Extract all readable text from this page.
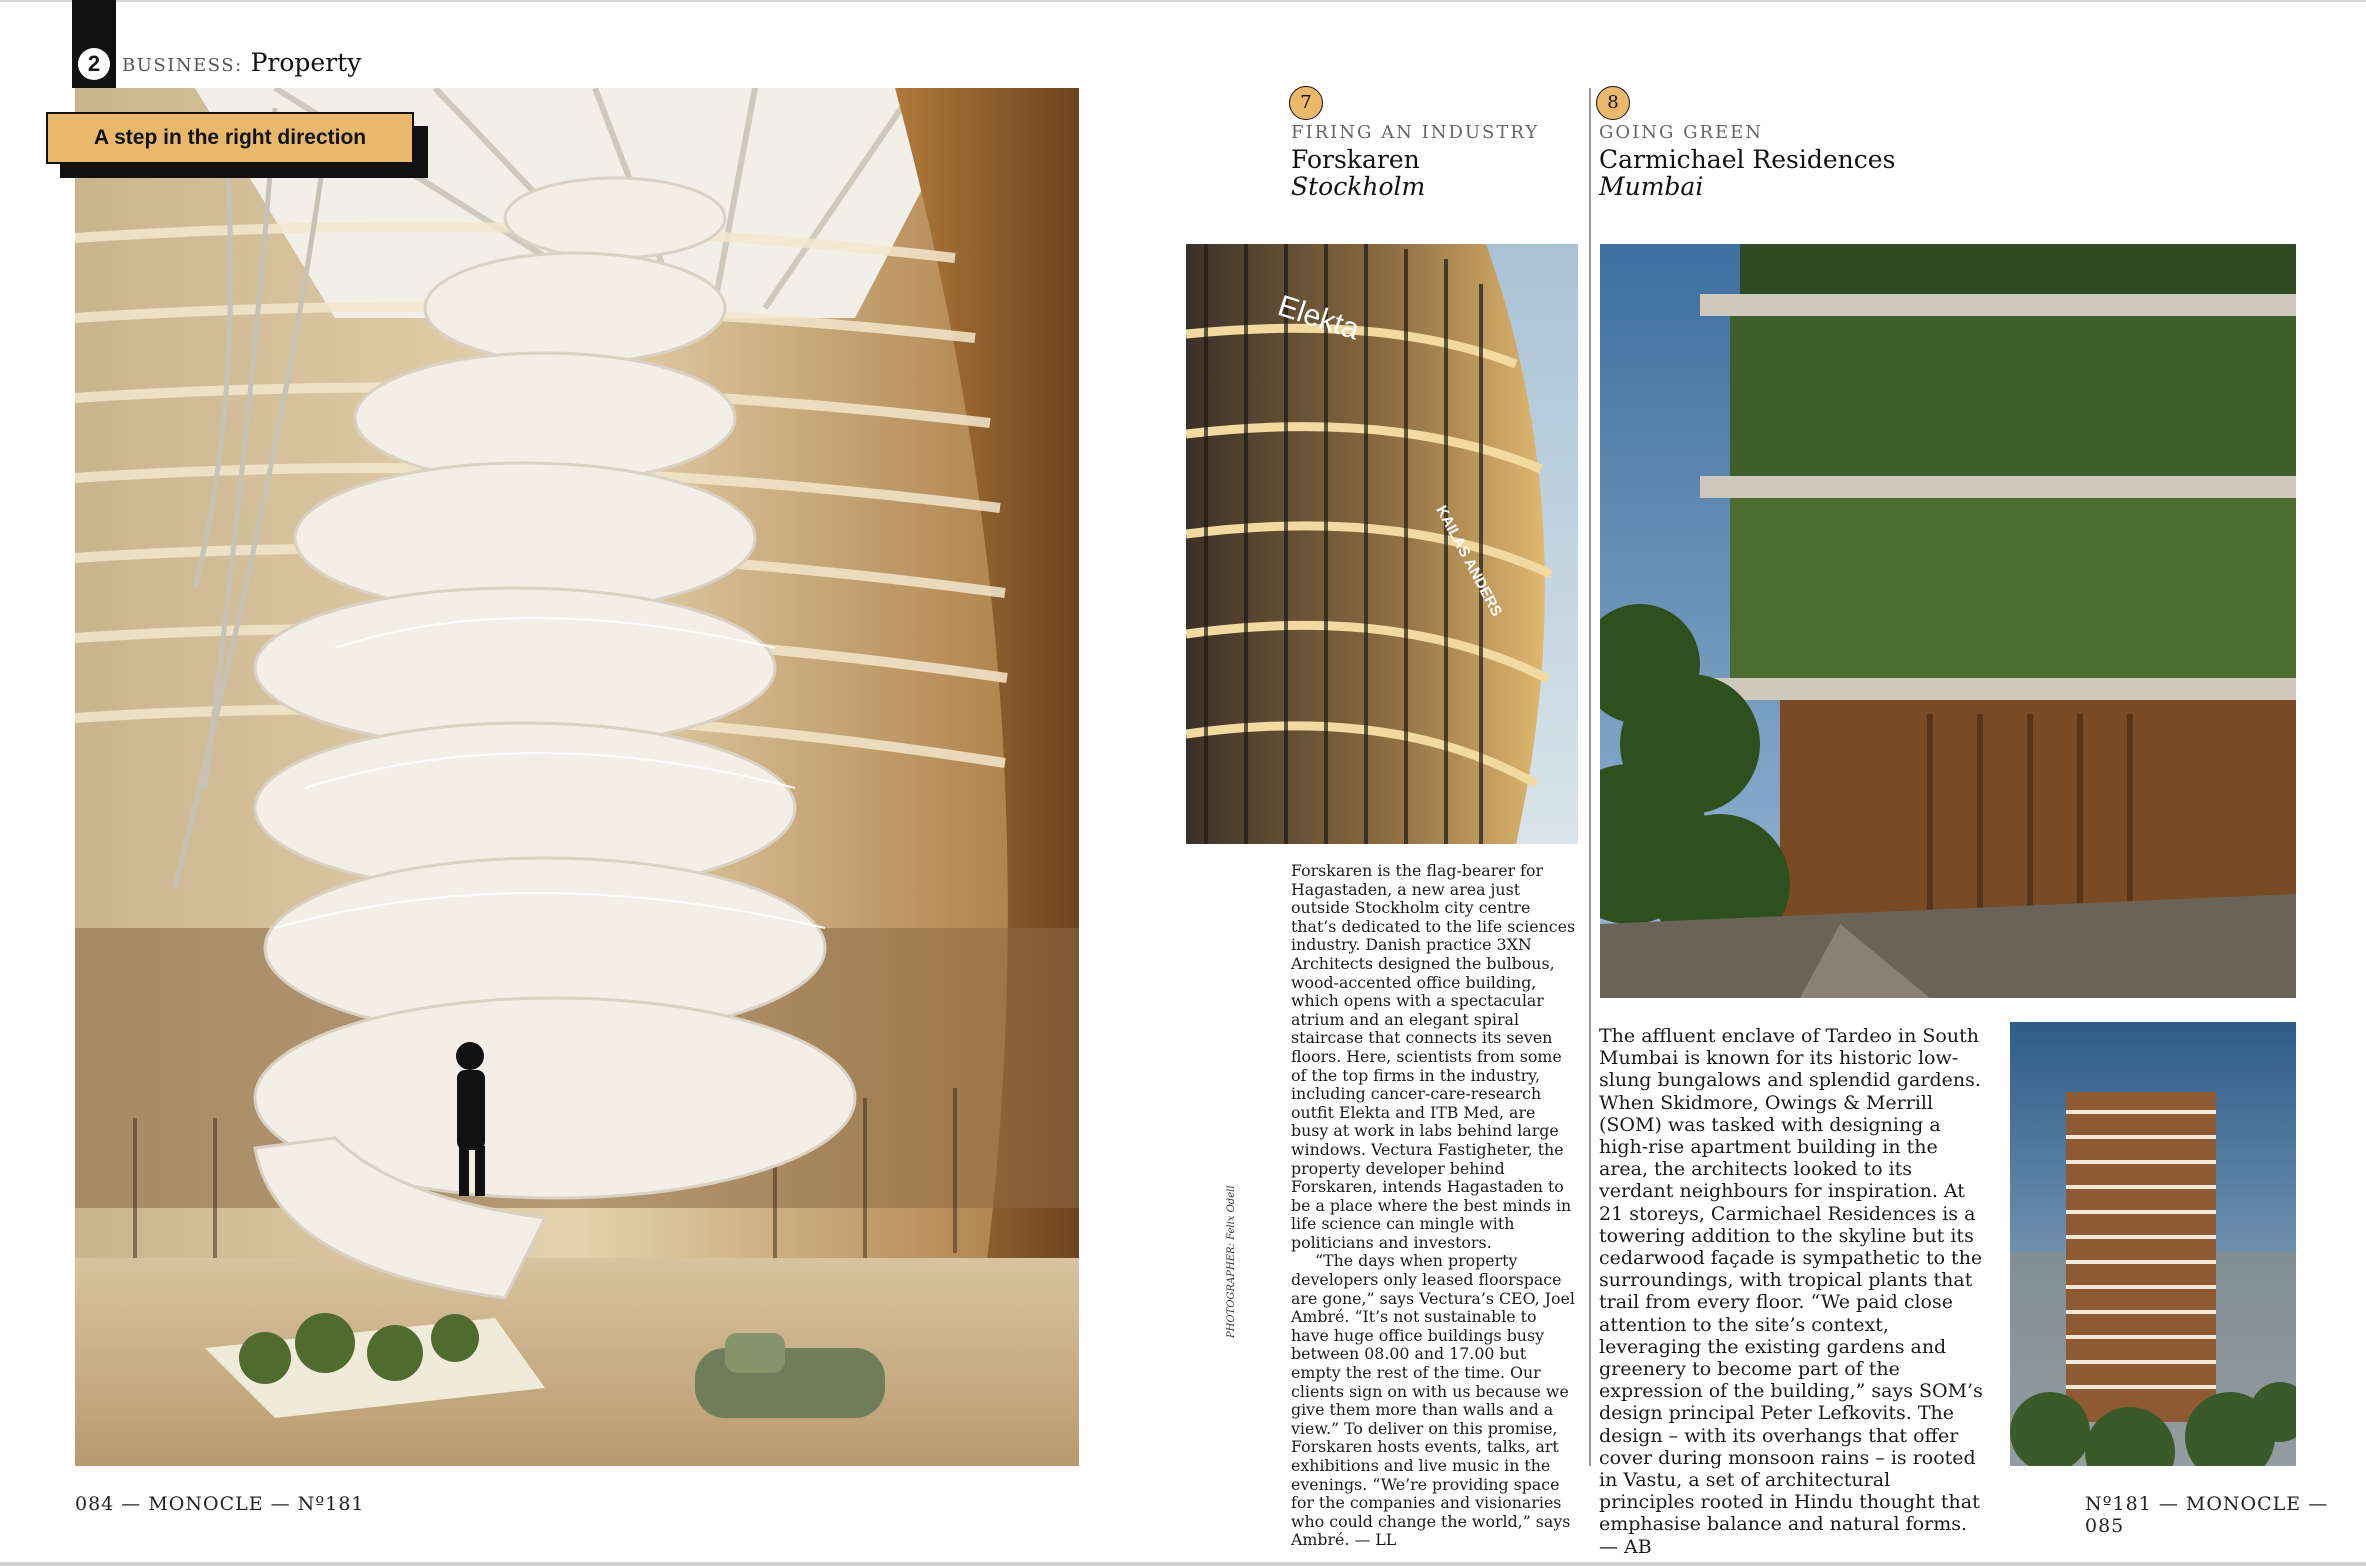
2	BUSINESS: Property
A step in the right direction
PHOTOGRAPHER: Felix Odell
084 — MONOCLE — Nº181
7
FIRING AN INDUSTRY
Forskaren
Stockholm
8
GOING GREEN
Carmichael Residences
Mumbai
Elekta
KAILAS ANDERS

Forskaren is the flag-bearer for Hagastaden, a new area just outside Stockholm city centre that’s dedicated to the life sciences industry. Danish practice 3XN Architects designed the bulbous, wood-accented office building, which opens with a spectacular atrium and an elegant spiral staircase that connects its seven floors. Here, scientists from some of the top firms in the industry, including cancer-care-research outfit Elekta and ITB Med, are busy at work in labs behind large windows. Vectura Fastigheter, the property developer behind Forskaren, intends Hagastaden to be a place where the best minds in life science can mingle with politicians and investors.

“The days when property developers only leased floorspace are gone,” says Vectura’s CEO, Joel Ambré. “It’s not sustainable to have huge office buildings busy between 08.00 and 17.00 but empty the rest of the time. Our clients sign on with us because we give them more than walls and a view.” To deliver on this promise, Forskaren hosts events, talks, art exhibitions and live music in the evenings. “We’re providing space for the companies and visionaries who could change the world,” says Ambré. — LL

The affluent enclave of Tardeo in South Mumbai is known for its historic low-slung bungalows and splendid gardens. When Skidmore, Owings & Merrill (SOM) was tasked with designing a high-rise apartment building in the area, the architects looked to its verdant neighbours for inspiration. At 21 storeys, Carmichael Residences is a towering addition to the skyline but its cedarwood façade is sympathetic to the surroundings, with tropical plants that trail from every floor. “We paid close attention to the site’s context, leveraging the existing gardens and greenery to become part of the expression of the building,” says SOM’s design principal Peter Lefkovits. The design – with its overhangs that offer cover during monsoon rains – is rooted in Vastu, a set of architectural principles rooted in Hindu thought that emphasise balance and natural forms. — AB

Nº181 — MONOCLE — 085
